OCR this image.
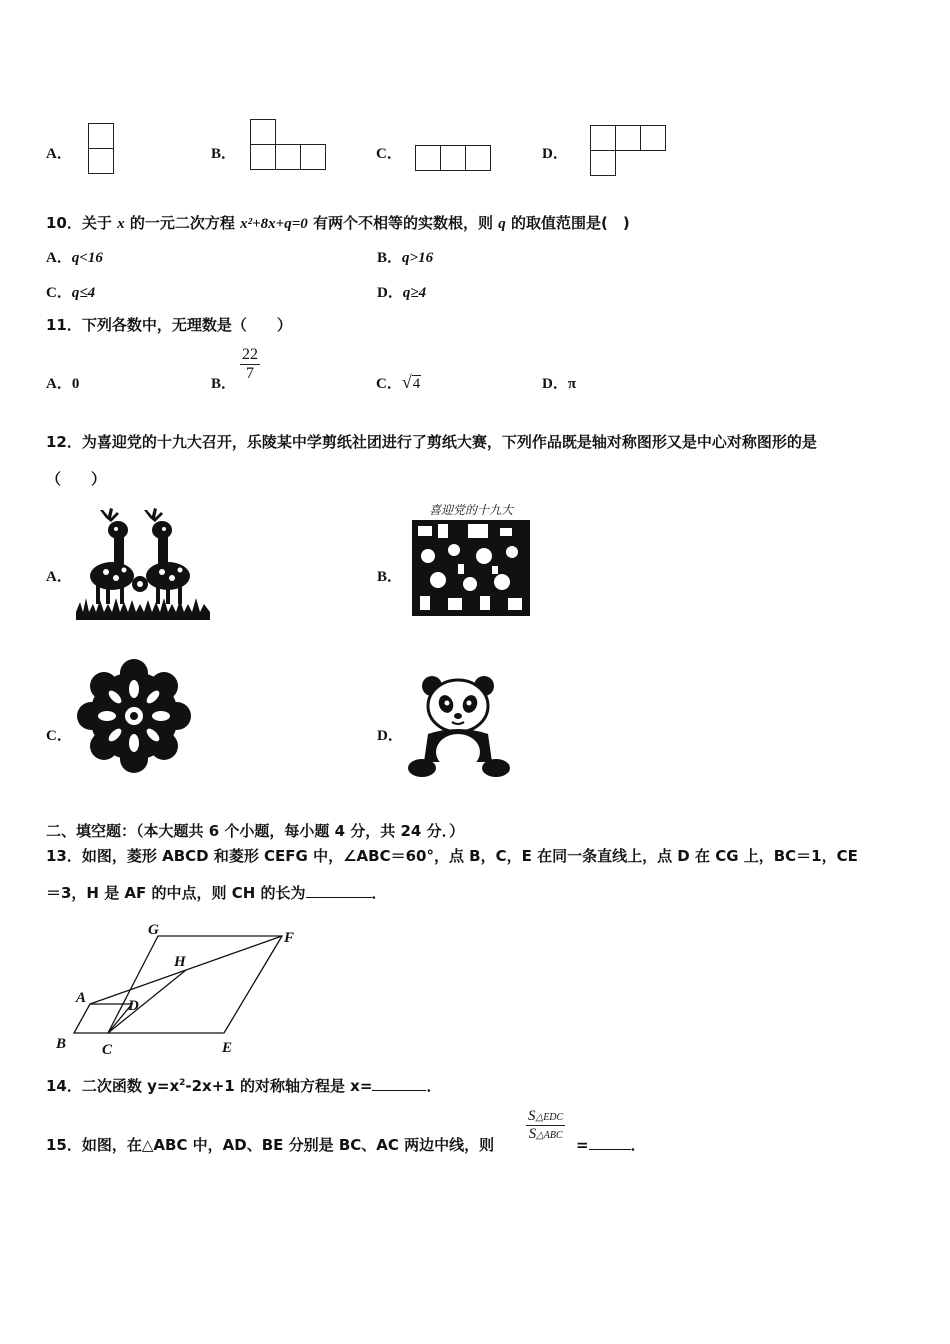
A．	B．	C．	D．
10．关于 x 的一元二次方程 x²+8x+q=0 有两个不相等的实数根，则 q 的取值范围是(　)
A．q<16	B．q>16
C．q≤4	D．q≥4
11．下列各数中，无理数是（　　）
A．0	B．
$\frac{22}{7}$
C．√4	D．π
12．为喜迎党的十九大召开，乐陵某中学剪纸社团进行了剪纸大赛，下列作品既是轴对称图形又是中心对称图形的是
（　　）
A．	B．
喜迎党的十九大
C．	D．
二、填空题：（本大题共 6 个小题，每小题 4 分，共 24 分．）
13．如图，菱形 ABCD 和菱形 CEFG 中，∠ABC＝60°，点 B，C，E 在同一条直线上，点 D 在 CG 上，BC＝1，CE
＝3，H 是 AF 的中点，则 CH 的长为	．
A
B C
D
E
F
G
H
14．二次函数 $y=x^2-2x+1$ 的对称轴方程是 x=	．
15．如图，在△ABC 中，AD、BE 分别是 BC、AC 两边中线，则
$\frac{\text{S△EDC}}{\text{S△ABC}}$
=	．
